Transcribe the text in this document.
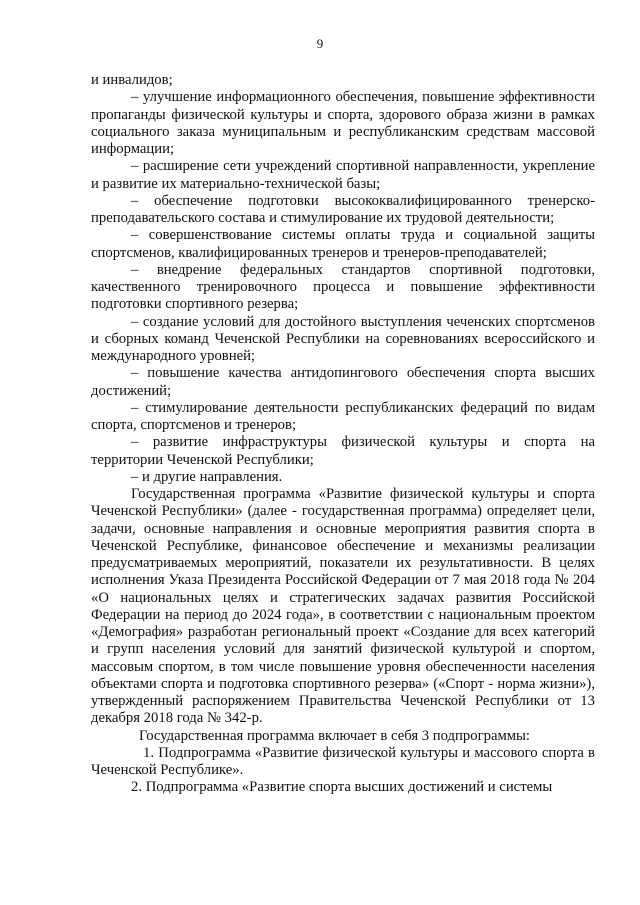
9

и инвалидов;

– улучшение информационного обеспечения, повышение эффективности пропаганды физической культуры и спорта, здорового образа жизни в рамках социального заказа муниципальным и республиканским средствам массовой информации;

– расширение сети учреждений спортивной направленности, укрепление и развитие их материально-технической базы;

– обеспечение подготовки высококвалифицированного тренерско-преподавательского состава и стимулирование их трудовой деятельности;

– совершенствование системы оплаты труда и социальной защиты спортсменов, квалифицированных тренеров и тренеров-преподавателей;

– внедрение федеральных стандартов спортивной подготовки, качественного тренировочного процесса и повышение эффективности подготовки спортивного резерва;

– создание условий для достойного выступления чеченских спортсменов и сборных команд Чеченской Республики на соревнованиях всероссийского и международного уровней;

– повышение качества антидопингового обеспечения спорта высших достижений;

– стимулирование деятельности республиканских федераций по видам спорта, спортсменов и тренеров;

– развитие инфраструктуры физической культуры и спорта на территории Чеченской Республики;

– и другие направления.

Государственная программа «Развитие физической культуры и спорта Чеченской Республики» (далее - государственная программа) определяет цели, задачи, основные направления и основные мероприятия развития спорта в Чеченской Республике, финансовое обеспечение и механизмы реализации предусматриваемых мероприятий, показатели их результативности. В целях исполнения Указа Президента Российской Федерации от 7 мая 2018 года № 204 «О национальных целях и стратегических задачах развития Российской Федерации на период до 2024 года», в соответствии с национальным проектом «Демография» разработан региональный проект «Создание для всех категорий и групп населения условий для занятий физической культурой и спортом, массовым спортом, в том числе повышение уровня обеспеченности населения объектами спорта и подготовка спортивного резерва» («Спорт - норма жизни»), утвержденный распоряжением Правительства Чеченской Республики от 13 декабря 2018 года № 342-р.

Государственная программа включает в себя 3 подпрограммы:

1. Подпрограмма «Развитие физической культуры и массового спорта в Чеченской Республике».

2. Подпрограмма «Развитие спорта высших достижений и системы
